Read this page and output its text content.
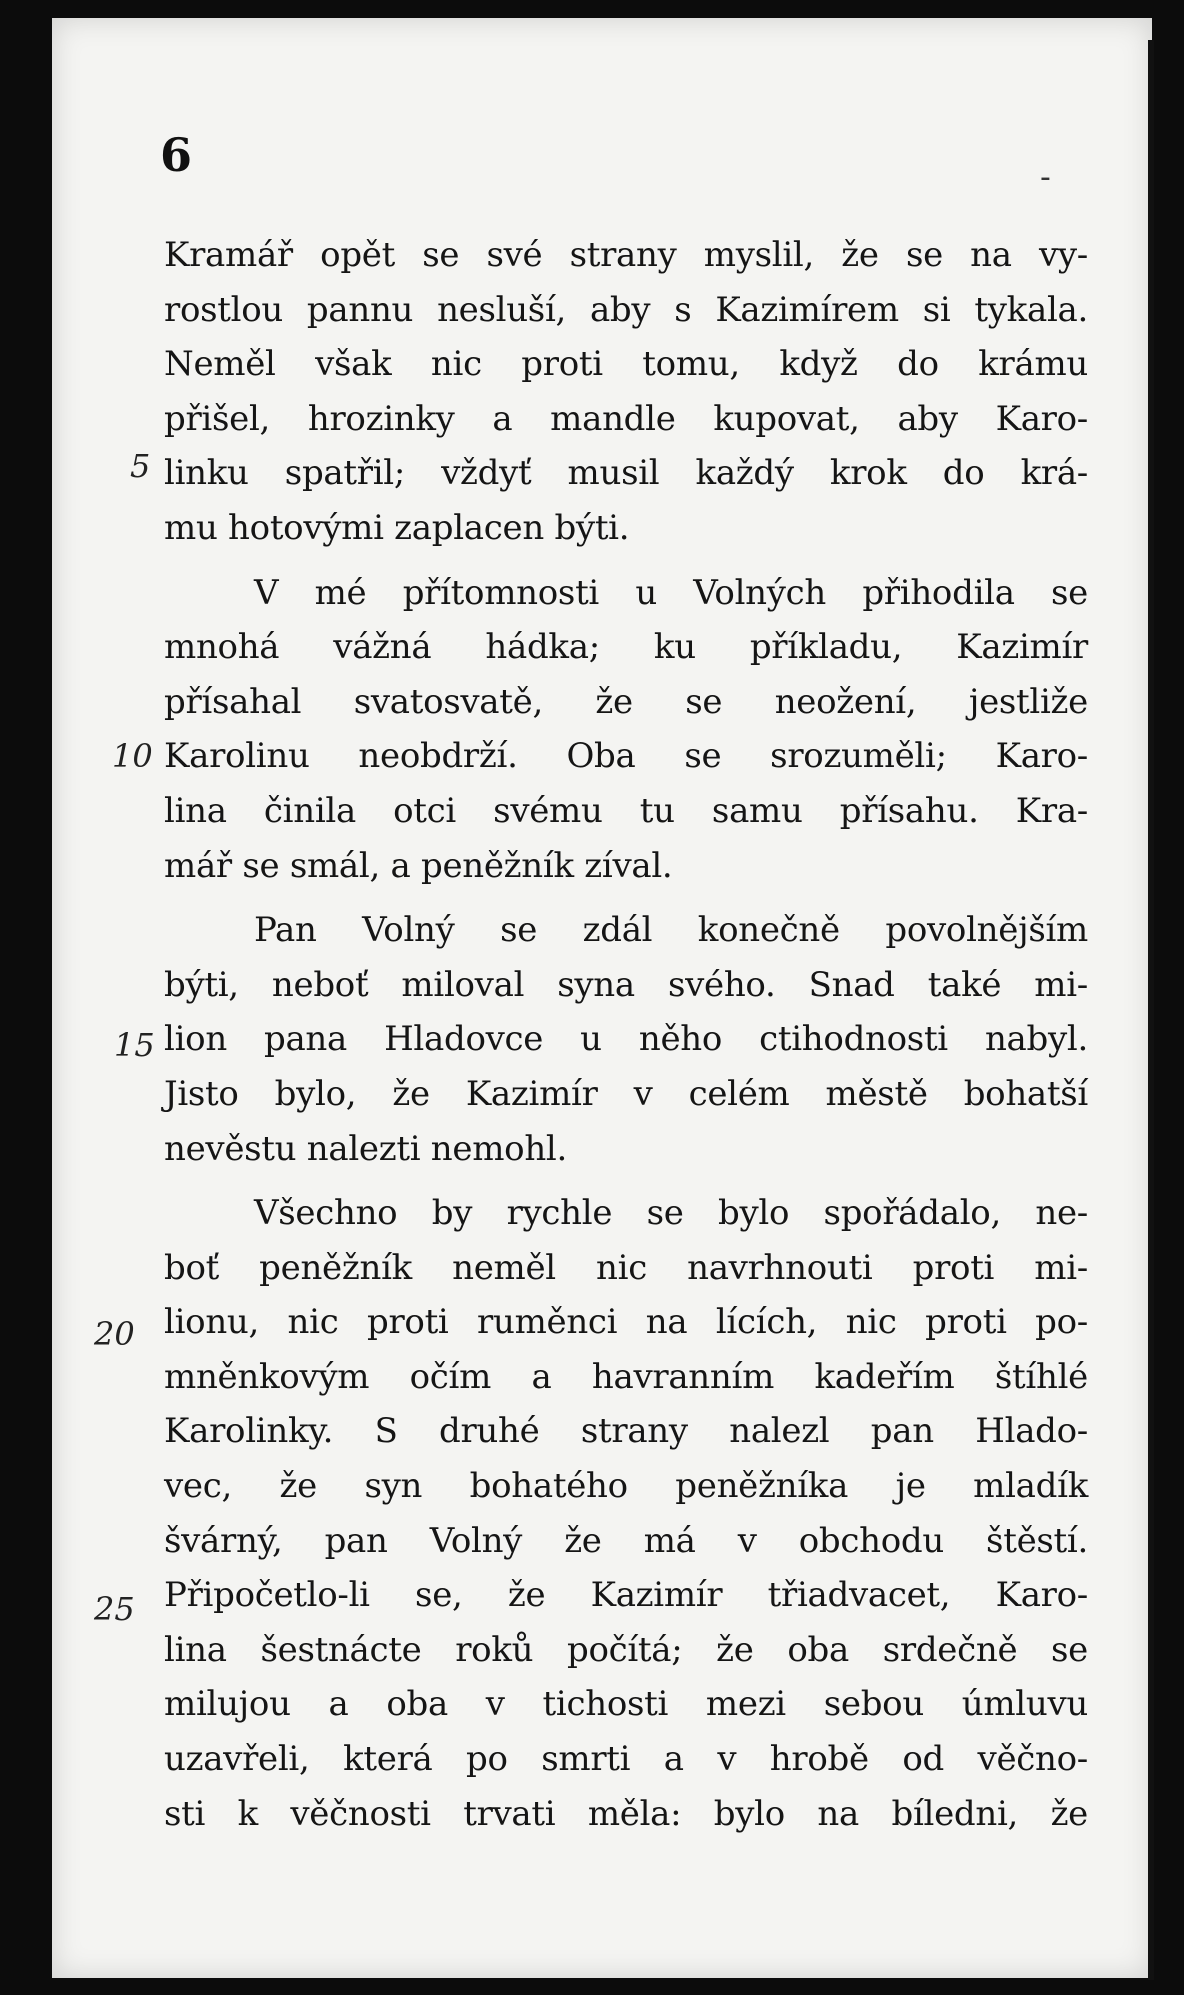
6	-
5
10
15
20
25
Kramář opět se své strany myslil, že se na vy-
rostlou pannu nesluší, aby s Kazimírem si tykala.
Neměl však nic proti tomu, když do krámu
přišel, hrozinky a mandle kupovat, aby Karo-
linku spatřil; vždyť musil každý krok do krá-
mu hotovými zaplacen býti.
V mé přítomnosti u Volných přihodila se
mnohá vážná hádka; ku příkladu, Kazimír
přísahal svatosvatě, že se neožení, jestliže
Karolinu neobdrží. Oba se srozuměli; Karo-
lina činila otci svému tu samu přísahu. Kra-
mář se smál, a peněžník zíval.
Pan Volný se zdál konečně povolnějším
býti, neboť miloval syna svého. Snad také mi-
lion pana Hladovce u něho ctihodnosti nabyl.
Jisto bylo, že Kazimír v celém městě bohatší
nevěstu nalezti nemohl.
Všechno by rychle se bylo spořádalo, ne-
boť peněžník neměl nic navrhnouti proti mi-
lionu, nic proti ruměnci na lících, nic proti po-
mněnkovým očím a havranním kadeřím štíhlé
Karolinky. S druhé strany nalezl pan Hlado-
vec, že syn bohatého peněžníka je mladík
švárný, pan Volný že má v obchodu štěstí.
Připočetlo-li se, že Kazimír třiadvacet, Karo-
lina šestnácte roků počítá; že oba srdečně se
milujou a oba v tichosti mezi sebou úmluvu
uzavřeli, která po smrti a v hrobě od věčno-
sti k věčnosti trvati měla: bylo na bíledni, že
